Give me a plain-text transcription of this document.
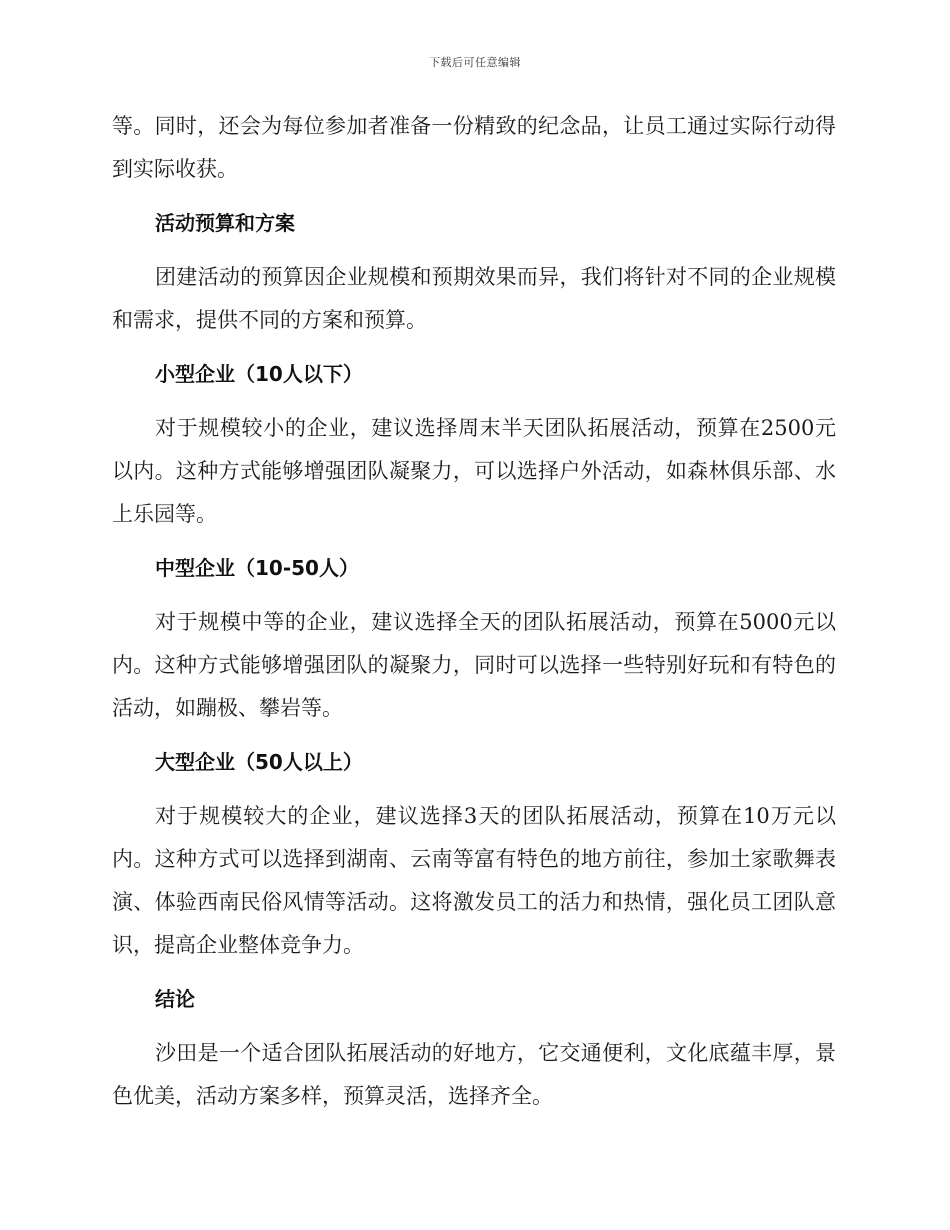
下载后可任意编辑

等。同时，还会为每位参加者准备一份精致的纪念品，让员工通过实际行动得到实际收获。

活动预算和方案

团建活动的预算因企业规模和预期效果而异，我们将针对不同的企业规模和需求，提供不同的方案和预算。

小型企业（10人以下）

对于规模较小的企业，建议选择周末半天团队拓展活动，预算在2500元以内。这种方式能够增强团队凝聚力，可以选择户外活动，如森林俱乐部、水上乐园等。

中型企业（10-50人）

对于规模中等的企业，建议选择全天的团队拓展活动，预算在5000元以内。这种方式能够增强团队的凝聚力，同时可以选择一些特别好玩和有特色的活动，如蹦极、攀岩等。

大型企业（50人以上）

对于规模较大的企业，建议选择3天的团队拓展活动，预算在10万元以内。这种方式可以选择到湖南、云南等富有特色的地方前往，参加土家歌舞表演、体验西南民俗风情等活动。这将激发员工的活力和热情，强化员工团队意识，提高企业整体竞争力。

结论

沙田是一个适合团队拓展活动的好地方，它交通便利，文化底蕴丰厚，景色优美，活动方案多样，预算灵活，选择齐全。
